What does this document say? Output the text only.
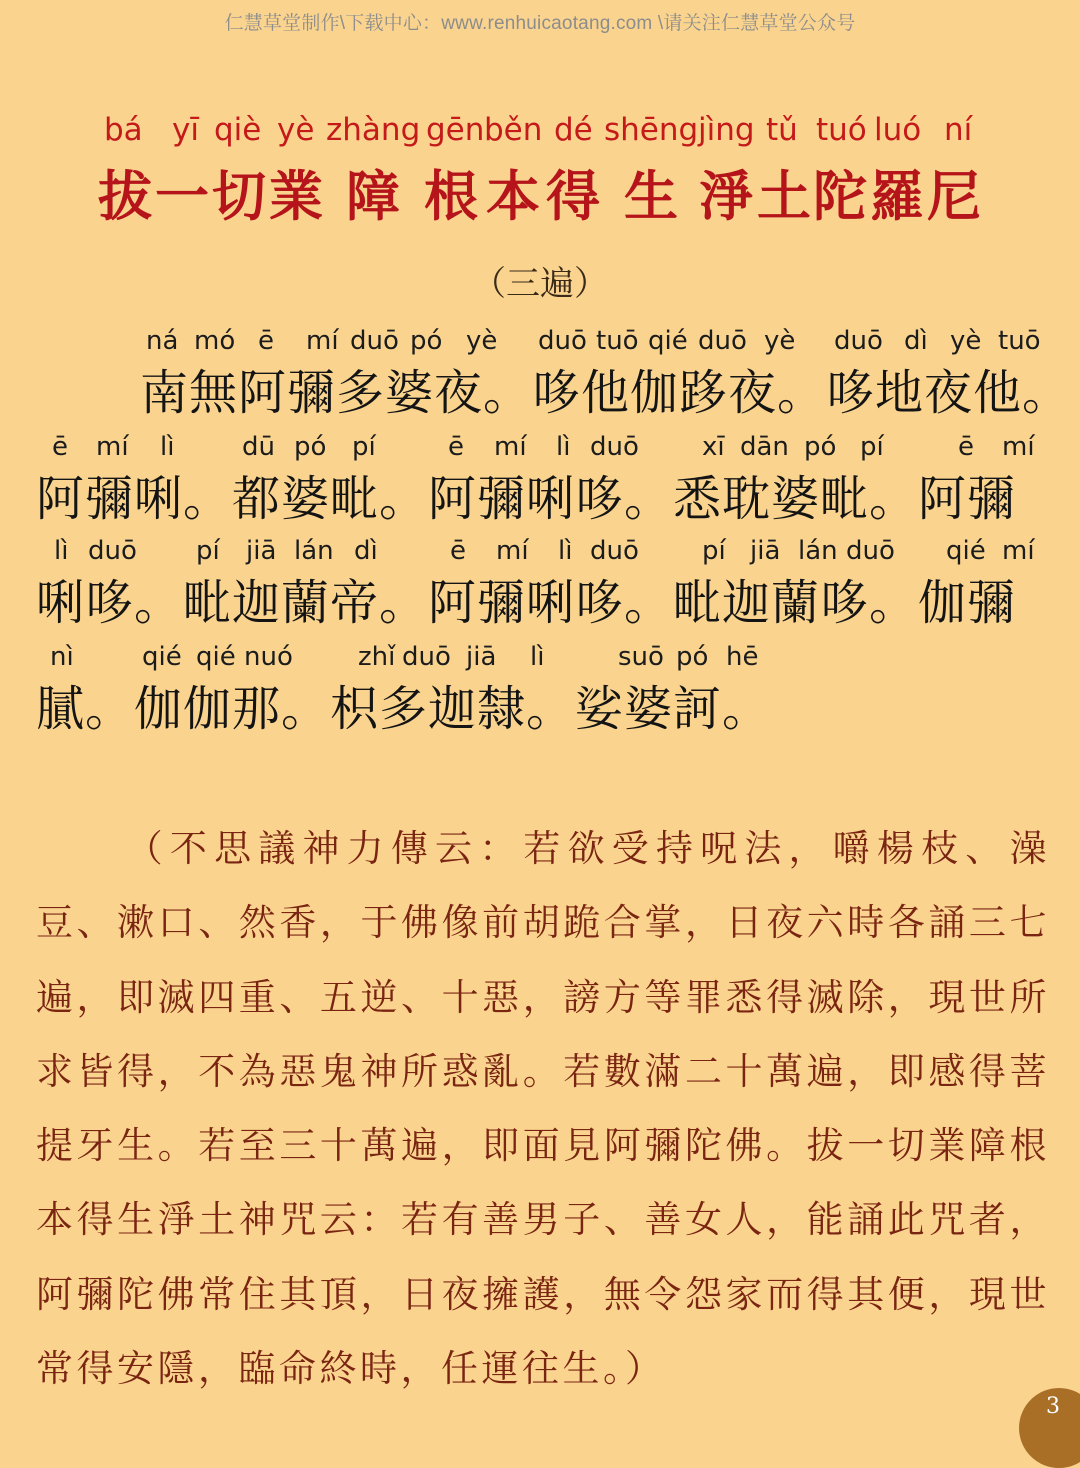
仁慧草堂制作\下载中心：www.renhuicaotang.com \请关注仁慧草堂公众号
bá yī qiè yè zhàng gēn běn dé shēng jìng tǔ tuó luó ní
拔 一 切 業 障 根 本 得 生 淨 土 陀 羅 尼
（三遍）
ná mó ē mí duō pó yè duō tuō qié duō yè duō dì yè tuō
南無阿彌多婆夜。哆他伽跢夜。哆地夜他。
ē mí lì	dū pó pí	ē mí lì duō xī dān pó pí	ē mí
阿彌唎。都婆毗。阿彌唎哆。悉耽婆毗。阿彌
lì duō pí jiā lán dì	ē mí lì duō pí jiā lán duō qié mí
唎哆。毗迦蘭帝。阿彌唎哆。毗迦蘭哆。伽彌
nì	qié qié nuó	zhǐ duō jiā lì	suō pó hē
膩。伽伽那。枳多迦隸。娑婆訶。
（不思議神力傳云：若欲受持呪法，嚼楊枝、澡豆、漱口、然香，于佛像前胡跪合掌，日夜六時各誦三七遍，即滅四重、五逆、十惡，謗方等罪悉得滅除，現世所求皆得，不為惡鬼神所惑亂。若數滿二十萬遍，即感得菩提牙生。若至三十萬遍，即面見阿彌陀佛。拔一切業障根本得生淨土神咒云：若有善男子、善女人，能誦此咒者，阿彌陀佛常住其頂，日夜擁護，無令怨家而得其便，現世常得安隱，臨命終時，任運往生。）
3
